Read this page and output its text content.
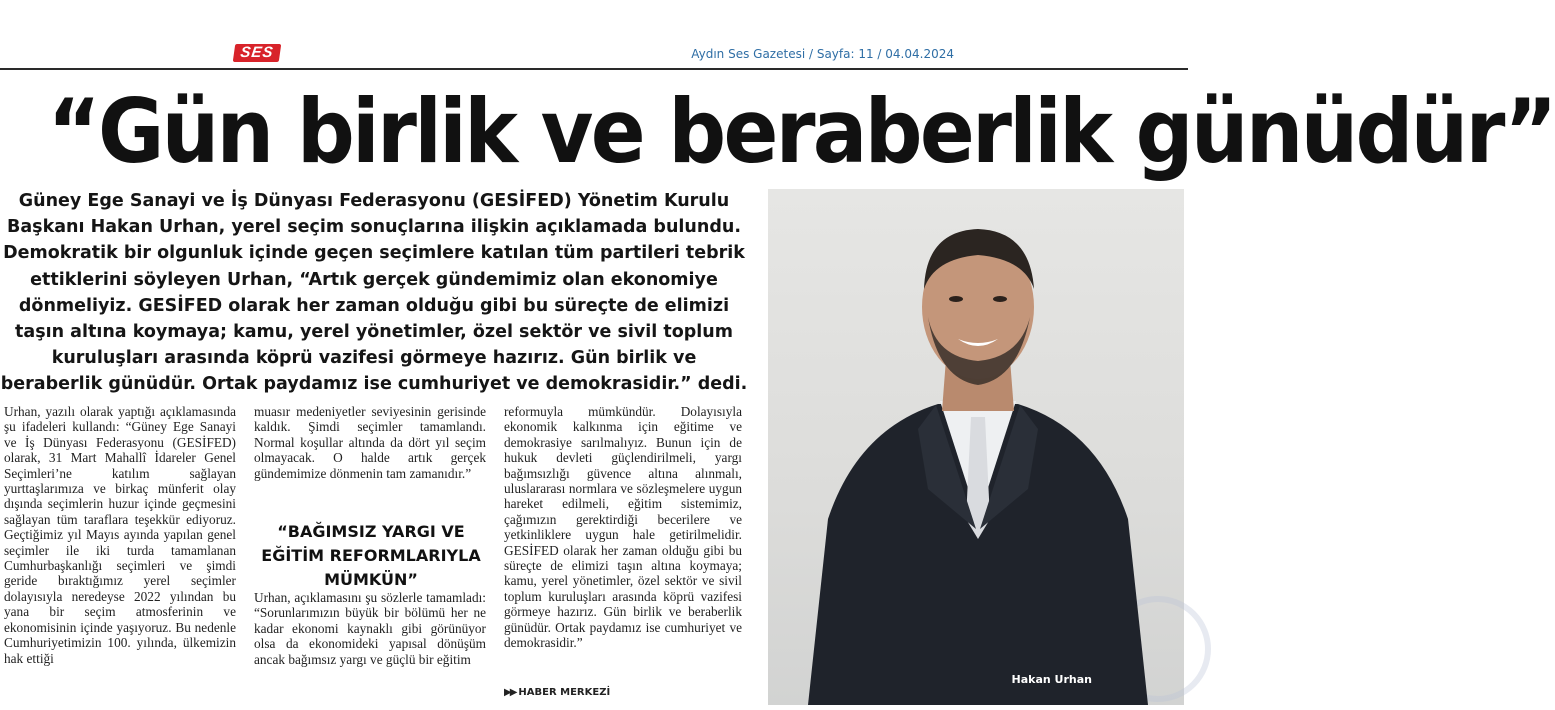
SES	Aydın Ses Gazetesi / Sayfa: 11 / 04.04.2024
“Gün birlik ve beraberlik günüdür”
Güney Ege Sanayi ve İş Dünyası Federasyonu (GESİFED) Yönetim Kurulu Başkanı Hakan Urhan, yerel seçim sonuçlarına ilişkin açıklamada bulundu. Demokratik bir olgunluk içinde geçen seçimlere katılan tüm partileri tebrik ettiklerini söyleyen Urhan, “Artık gerçek gündemimiz olan ekonomiye dönmeliyiz. GESİFED olarak her zaman olduğu gibi bu süreçte de elimizi taşın altına koymaya; kamu, yerel yönetimler, özel sektör ve sivil toplum kuruluşları arasında köprü vazifesi görmeye hazırız. Gün birlik ve beraberlik günüdür. Ortak paydamız ise cumhuriyet ve demokrasidir.” dedi.
Urhan, yazılı olarak yaptığı açıklamasında şu ifadeleri kullandı: “Güney Ege Sanayi ve İş Dünyası Federasyonu (GESİFED) olarak, 31 Mart Mahallî İdareler Genel Seçimleri’ne katılım sağlayan yurttaşlarımıza ve birkaç münferit olay dışında seçimlerin huzur içinde geçmesini sağlayan tüm taraflara teşekkür ediyoruz. Geçtiğimiz yıl Mayıs ayında yapılan genel seçimler ile iki turda tamamlanan Cumhurbaşkanlığı seçimleri ve şimdi geride bıraktığımız yerel seçimler dolayısıyla neredeyse 2022 yılından bu yana bir seçim atmosferinin ve ekonomisinin içinde yaşıyoruz. Bu nedenle Cumhuriyetimizin 100. yılında, ülkemizin hak ettiği
muasır medeniyetler seviyesinin gerisinde kaldık. Şimdi seçimler tamamlandı. Normal koşullar altında da dört yıl seçim olmayacak. O halde artık gerçek gündemimize dönmenin tam zamanıdır.”
“BAĞIMSIZ YARGI VE EĞİTİM REFORMLARIYLA MÜMKÜN”
Urhan, açıklamasını şu sözlerle tamamladı: “Sorunlarımızın büyük bir bölümü her ne kadar ekonomi kaynaklı gibi görünüyor olsa da ekonomideki yapısal dönüşüm ancak bağımsız yargı ve güçlü bir eğitim
reformuyla mümkündür. Dolayısıyla ekonomik kalkınma için eğitime ve demokrasiye sarılmalıyız. Bunun için de hukuk devleti güçlendirilmeli, yargı bağımsızlığı güvence altına alınmalı, uluslararası normlara ve sözleşmelere uygun hareket edilmeli, eğitim sistemimiz, çağımızın gerektirdiği becerilere ve yetkinliklere uygun hale getirilmelidir. GESİFED olarak her zaman olduğu gibi bu süreçte de elimizi taşın altına koymaya; kamu, yerel yönetimler, özel sektör ve sivil toplum kuruluşları arasında köprü vazifesi görmeye hazırız. Gün birlik ve beraberlik günüdür. Ortak paydamız ise cumhuriyet ve demokrasidir.”
▶▶ HABER MERKEZİ
Hakan Urhan
